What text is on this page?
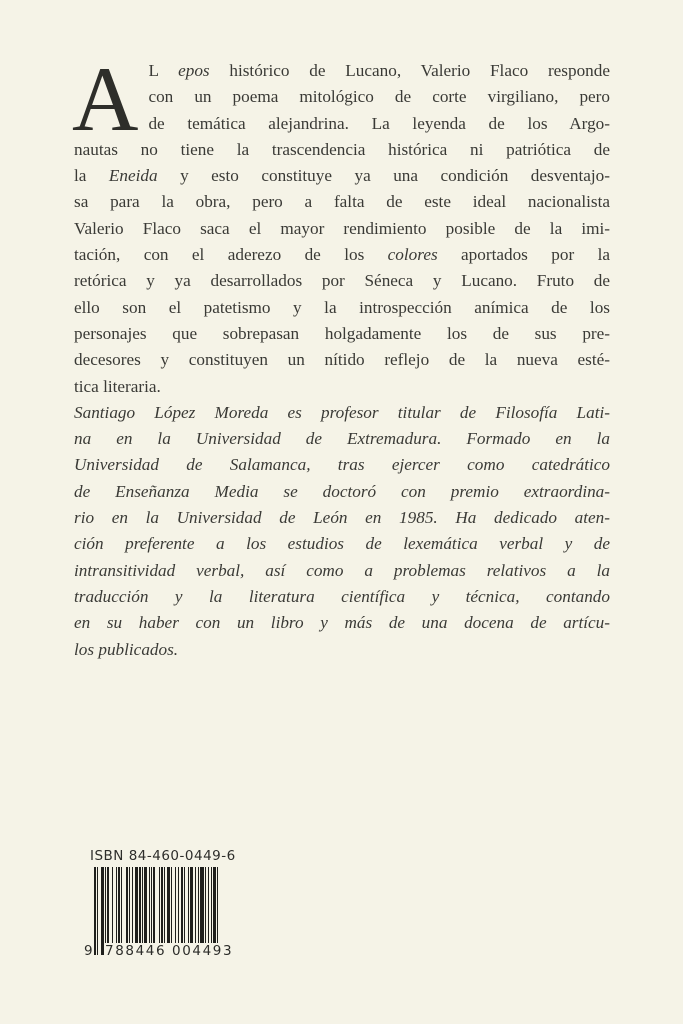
A L epos histórico de Lucano, Valerio Flaco responde
con un poema mitológico de corte virgiliano, pero
de temática alejandrina. La leyenda de los Argo-
nautas no tiene la trascendencia histórica ni patriótica de
la Eneida y esto constituye ya una condición desventajo-
sa para la obra, pero a falta de este ideal nacionalista
Valerio Flaco saca el mayor rendimiento posible de la imi-
tación, con el aderezo de los colores aportados por la
retórica y ya desarrollados por Séneca y Lucano. Fruto de
ello son el patetismo y la introspección anímica de los
personajes que sobrepasan holgadamente los de sus pre-
decesores y constituyen un nítido reflejo de la nueva esté-
tica literaria.
Santiago López Moreda es profesor titular de Filosofía Lati-
na en la Universidad de Extremadura. Formado en la
Universidad de Salamanca, tras ejercer como catedrático
de Enseñanza Media se doctoró con premio extraordina-
rio en la Universidad de León en 1985. Ha dedicado aten-
ción preferente a los estudios de lexemática verbal y de
intransitividad verbal, así como a problemas relativos a la
traducción y la literatura científica y técnica, contando
en su haber con un libro y más de una docena de artícu-
los publicados.
ISBN 84-460-0449-6
9 788446 004493
